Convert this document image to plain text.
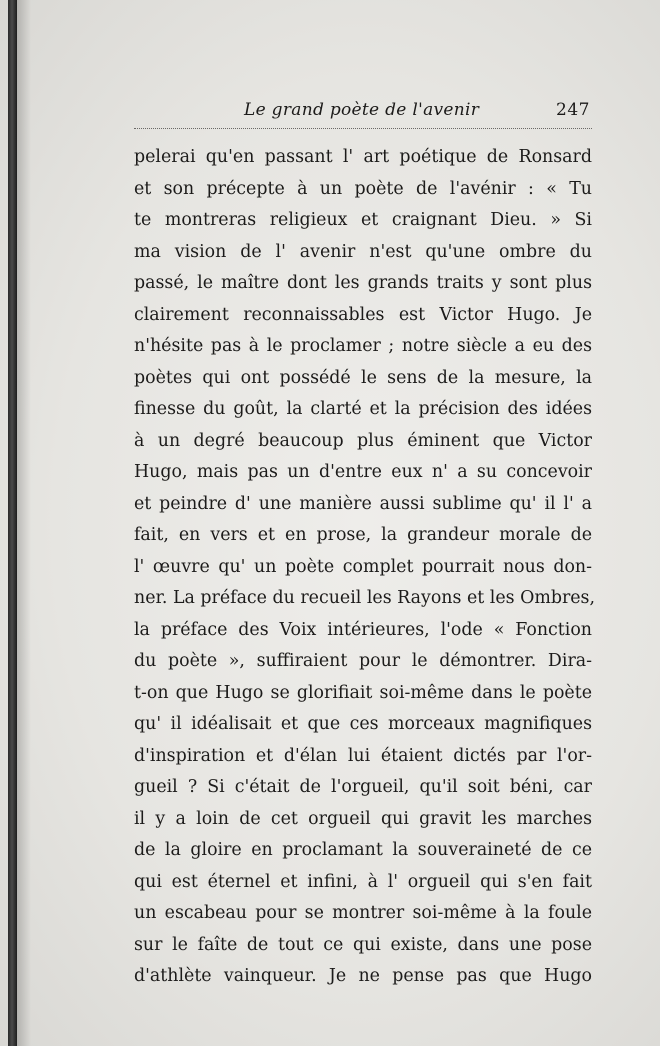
Le grand poète de l'avenir	247
pelerai qu'en passant l' art poétique de Ronsard
et son précepte à un poète de l'avénir : « Tu
te montreras religieux et craignant Dieu. » Si
ma vision de l' avenir n'est qu'une ombre du
passé, le maître dont les grands traits y sont plus
clairement reconnaissables est Victor Hugo. Je
n'hésite pas à le proclamer ; notre siècle a eu des
poètes qui ont possédé le sens de la mesure, la
finesse du goût, la clarté et la précision des idées
à un degré beaucoup plus éminent que Victor
Hugo, mais pas un d'entre eux n' a su concevoir
et peindre d' une manière aussi sublime qu' il l' a
fait, en vers et en prose, la grandeur morale de
l' œuvre qu' un poète complet pourrait nous don-
ner. La préface du recueil les Rayons et les Ombres,
la préface des Voix intérieures, l'ode « Fonction
du poète », suffiraient pour le démontrer. Dira-
t-on que Hugo se glorifiait soi-même dans le poète
qu' il idéalisait et que ces morceaux magnifiques
d'inspiration et d'élan lui étaient dictés par l'or-
gueil ? Si c'était de l'orgueil, qu'il soit béni, car
il y a loin de cet orgueil qui gravit les marches
de la gloire en proclamant la souveraineté de ce
qui est éternel et infini, à l' orgueil qui s'en fait
un escabeau pour se montrer soi-même à la foule
sur le faîte de tout ce qui existe, dans une pose
d'athlète vainqueur. Je ne pense pas que Hugo
